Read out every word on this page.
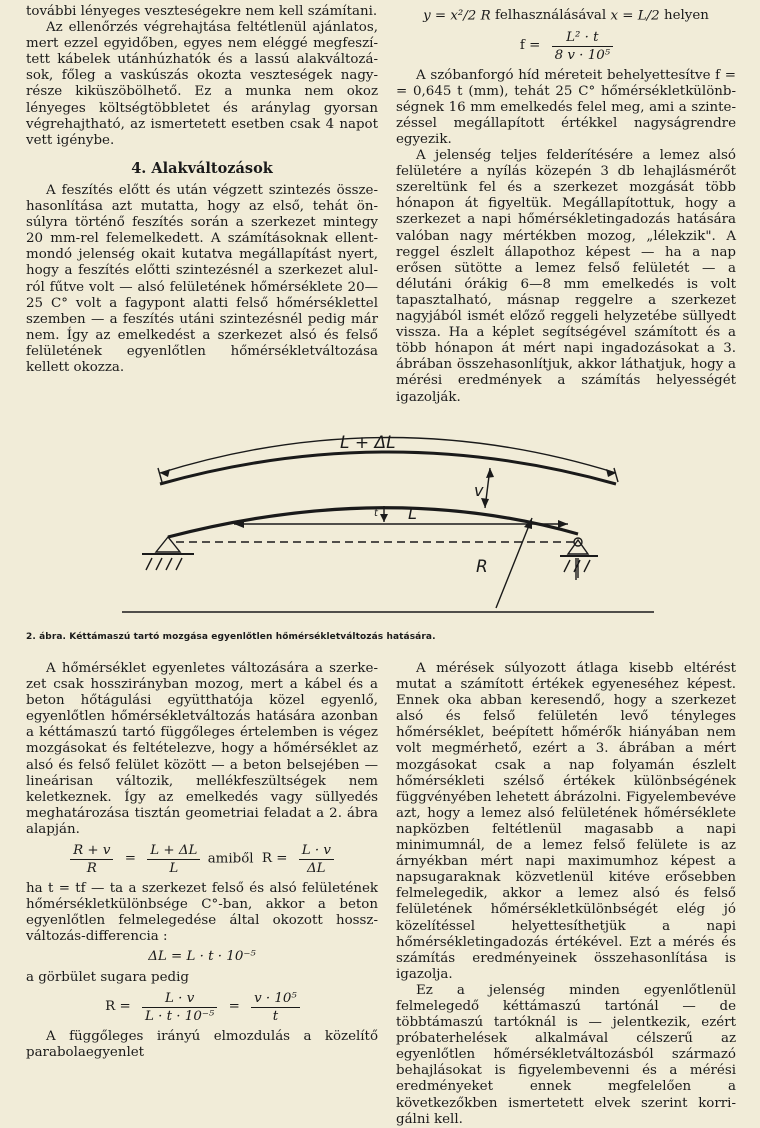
további lényeges veszteségekre nem kell számítani.

Az ellenőrzés végrehajtása feltétlenül ajánlatos, mert ezzel egyidőben, egyes nem eléggé megfeszített kábelek utánhúzhatók és a lassú alakváltozások, főleg a vaskúszás okozta veszteségek nagyrésze kiküszöbölhető. Ez a munka nem okoz lényeges költségtöbbletet és aránylag gyorsan végrehajtható, az ismertetett esetben csak 4 napot vett igénybe.

4. Alakváltozások

A feszítés előtt és után végzett szintezés összehasonlítása azt mutatta, hogy az első, tehát önsúlyra történő feszítés során a szerkezet mintegy 20 mm-rel felemelkedett. A számításoknak ellentmondó jelenség okait kutatva megállapítást nyert, hogy a feszítés előtti szintezésnél a szerkezet alulról fűtve volt — alsó felületének hőmérséklete 20—25 C° volt a fagypont alatti felső hőmérséklettel szemben — a feszítés utáni szintezésnél pedig már nem. Így az emelkedést a szerkezet alsó és felső felületének egyenlőtlen hőmérsékletváltozása kellett okozza.

y = x²/2 R felhasználásával x = L/2 helyen
$f = \frac{\text{L² · t}}{\text{8 v · 10⁵}}$

A szóbanforgó híd méreteit behelyettesítve f = = 0,645 t (mm), tehát 25 C° hőmérsékletkülönbségnek 16 mm emelkedés felel meg, ami a szintezéssel megállapított értékkel nagyságrendre egyezik.

A jelenség teljes felderítésére a lemez alsó felületére a nyílás közepén 3 db lehajlásmérőt szereltünk fel és a szerkezet mozgását több hónapon át figyeltük. Megállapítottuk, hogy a szerkezet a napi hőmérsékletingadozás hatására valóban nagy mértékben mozog, „lélekzik". A reggel észlelt állapothoz képest — ha a nap erősen sütötte a lemez felső felületét — a délutáni órákig 6—8 mm emelkedés is volt tapasztalható, másnap reggelre a szerkezet nagyjából ismét előző reggeli helyzetébe süllyedt vissza. Ha a képlet segítségével számított és a több hónapon át mért napi ingadozásokat a 3. ábrában összehasonlítjuk, akkor láthatjuk, hogy a mérési eredmények a számítás helyességét igazolják.

L + ΔL
v
L
t
R
2. ábra. Kéttámaszú tartó mozgása egyenlőtlen hőmérsékletváltozás hatására.

A hőmérséklet egyenletes változására a szerkezet csak hosszirányban mozog, mert a kábel és a beton hőtágulási együtthatója közel egyenlő, egyenlőtlen hőmérsékletváltozás hatására azonban a kéttámaszú tartó függőleges értelemben is végez mozgásokat és feltételezve, hogy a hőmérséklet az alsó és felső felület között — a beton belsejében — lineárisan változik, mellékfeszültségek nem keletkeznek. Így az emelkedés vagy süllyedés meghatározása tisztán geometriai feladat a 2. ábra alapján.

$\frac{R + v}{R} = \frac{L + \Delta L}{L}$ amiből $R = \frac{L \cdot v}{\Delta L}$

ha t = tf — ta a szerkezet felső és alsó felületének hőmérsékletkülönbsége C°-ban, akkor a beton egyenlőtlen felmelegedése által okozott hosszváltozás-differencia :

ΔL = L · t · 10⁻⁵

a görbület sugara pedig

$R = \frac{L \cdot v}{\text{L · t · 10⁻⁵}} = \frac{\text{v · 10⁵}}{t}$

A függőleges irányú elmozdulás a közelítő parabolaegyenlet

A mérések súlyozott átlaga kisebb eltérést mutat a számított értékek egyeneséhez képest. Ennek oka abban keresendő, hogy a szerkezet alsó és felső felületén levő tényleges hőmérséklet, beépített hőmérők hiányában nem volt megmérhető, ezért a 3. ábrában a mért mozgásokat csak a nap folyamán észlelt hőmérsékleti szélső értékek különbségének függvényében lehetett ábrázolni. Figyelembevéve azt, hogy a lemez alsó felületének hőmérséklete napközben feltétlenül magasabb a napi minimumnál, de a lemez felső felülete is az árnyékban mért napi maximumhoz képest a napsugaraknak közvetlenül kitéve erősebben felmelegedik, akkor a lemez alsó és felső felületének hőmérsékletkülönbségét elég jó közelítéssel helyettesíthetjük a napi hőmérsékletingadozás értékével. Ezt a mérés és számítás eredményeinek összehasonlítása is igazolja.

Ez a jelenség minden egyenlőtlenül felmelegedő kéttámaszú tartónál — de többtámaszú tartóknál is — jelentkezik, ezért próbaterhelések alkalmával célszerű az egyenlőtlen hőmérsékletváltozásból származó behajlásokat is figyelembevenni és a mérési eredményeket ennek megfelelően a következőkben ismertetett elvek szerint korrigálni kell.
